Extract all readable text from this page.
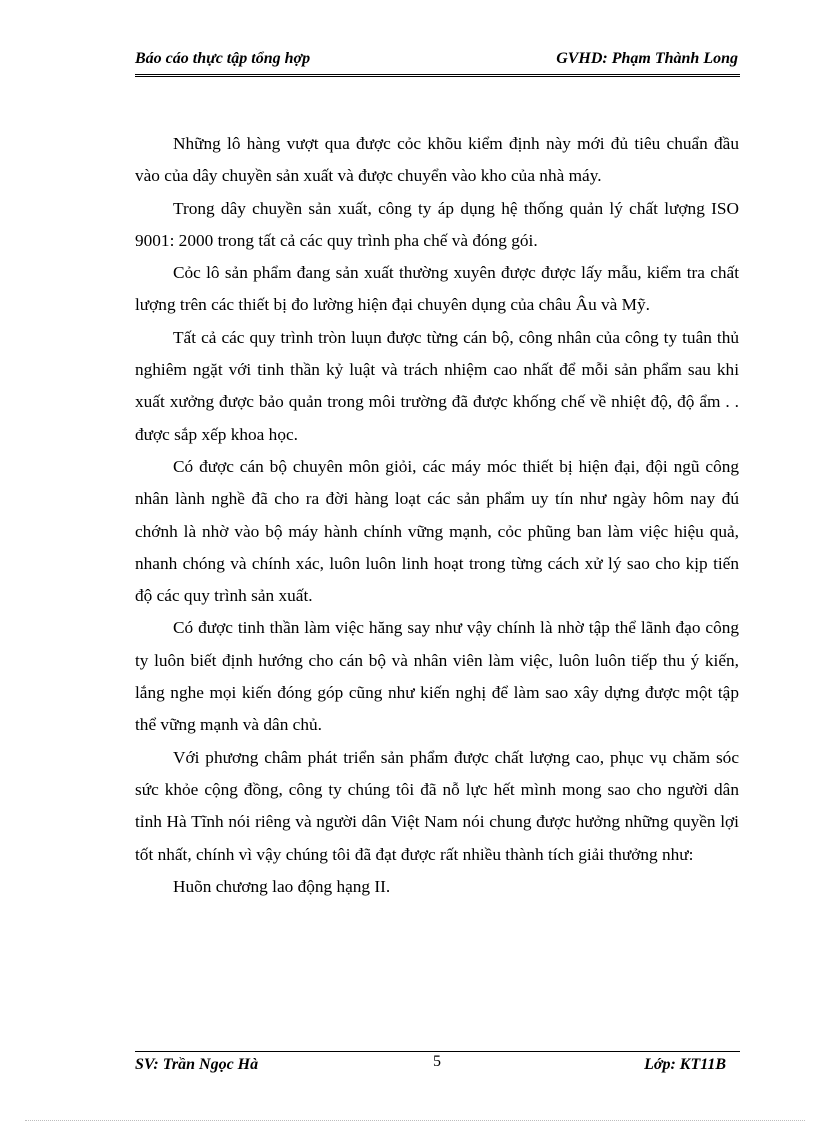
Báo cáo thực tập tổng hợp	GVHD: Phạm Thành Long

Những lô hàng vượt qua được cỏc khõu kiểm định này mới đủ tiêu chuẩn đầu vào của dây chuyền sản xuất và được chuyển vào kho của nhà máy.

Trong dây chuyền sản xuất, công ty áp dụng hệ thống quản lý chất lượng ISO 9001: 2000 trong tất cả các quy trình pha chế và đóng gói.

Cỏc lô sản phẩm đang sản xuất thường xuyên được được lấy mẫu, kiểm tra chất lượng trên các thiết bị đo lường hiện đại chuyên dụng của châu Âu và Mỹ.

Tất cả các quy trình tròn luụn được từng cán bộ, công nhân của công ty tuân thủ nghiêm ngặt với tinh thần kỷ luật và trách nhiệm cao nhất để mỗi sản phẩm sau khi xuất xưởng được bảo quản trong môi trường đã được khống chế về nhiệt độ, độ ẩm . . được sắp xếp khoa học.

Có được cán bộ chuyên môn giỏi, các máy móc thiết bị hiện đại, đội ngũ công nhân lành nghề đã cho ra đời hàng loạt các sản phẩm uy tín như ngày hôm nay đú chớnh là nhờ vào bộ máy hành chính vững mạnh, cỏc phũng ban làm việc hiệu quả, nhanh chóng và chính xác, luôn luôn linh hoạt trong từng cách xử lý sao cho kịp tiến độ các quy trình sản xuất.

Có được tinh thần làm việc hăng say như vậy chính là nhờ tập thể lãnh đạo công ty luôn biết định hướng cho cán bộ và nhân viên làm việc, luôn luôn tiếp thu ý kiến, lắng nghe mọi kiến đóng góp cũng như kiến nghị để làm sao xây dựng được một tập thể vững mạnh và dân chủ.

Với phương châm phát triển sản phẩm được chất lượng cao, phục vụ chăm sóc sức khỏe cộng đồng, công ty chúng tôi đã nỗ lực hết mình mong sao cho người dân tỉnh Hà Tĩnh nói riêng và người dân Việt Nam nói chung được hưởng những quyền lợi tốt nhất, chính vì vậy chúng tôi đã đạt được rất nhiều thành tích giải thưởng như:

Huõn chương lao động hạng II.

SV: Trần Ngọc Hà	5	Lớp: KT11B
